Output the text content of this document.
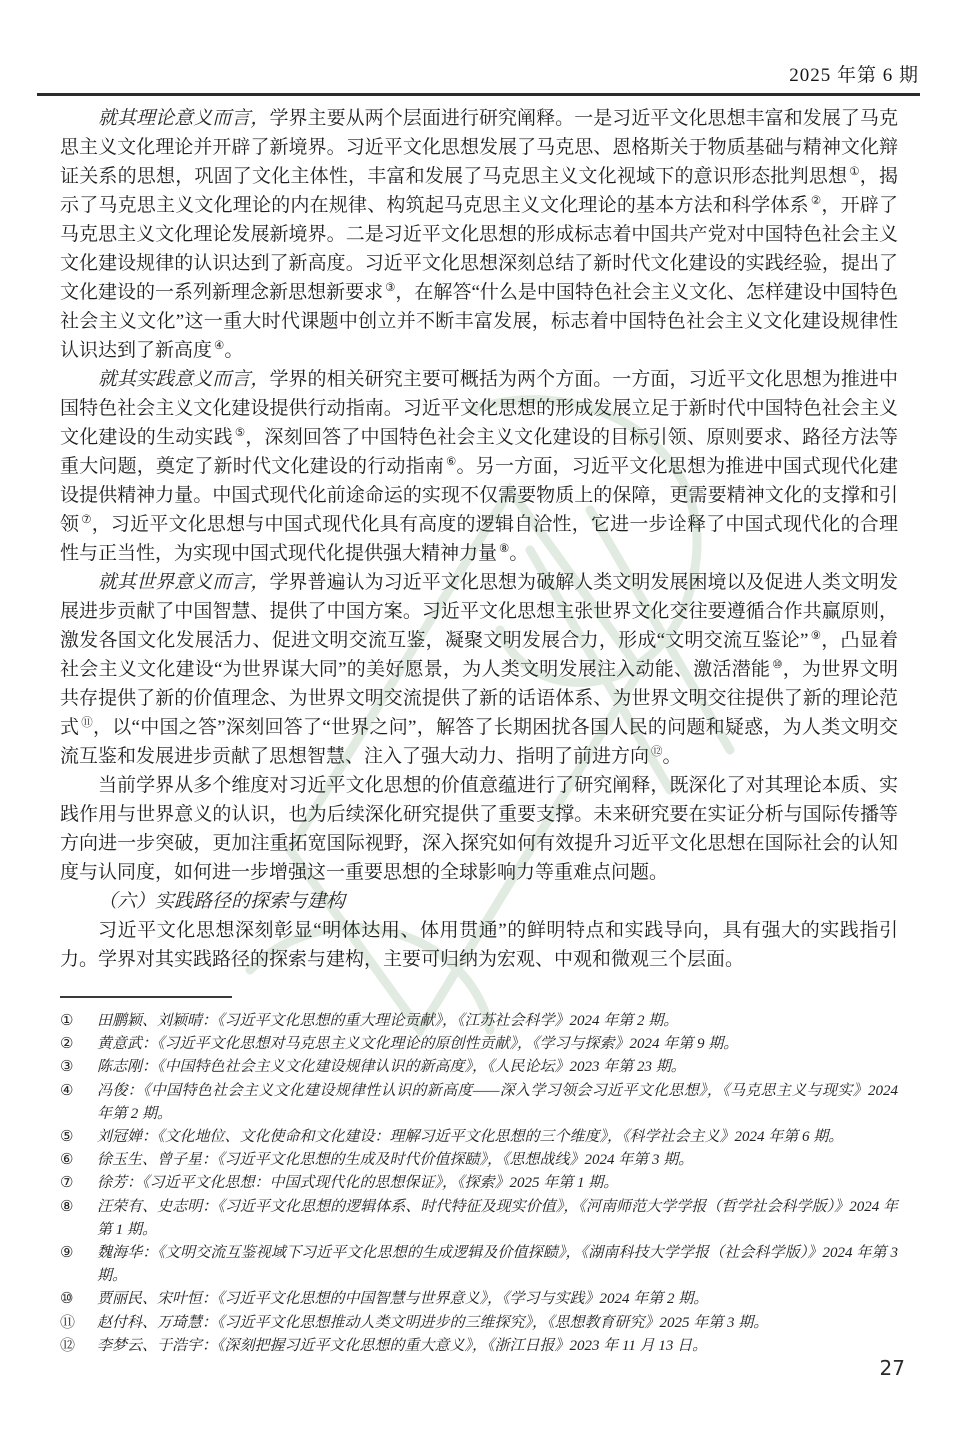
2025 年第 6 期

就其理论意义而言，学界主要从两个层面进行研究阐释。一是习近平文化思想丰富和发展了马克思主义文化理论并开辟了新境界。习近平文化思想发展了马克思、恩格斯关于物质基础与精神文化辩证关系的思想，巩固了文化主体性，丰富和发展了马克思主义文化视域下的意识形态批判思想 ①，揭示了马克思主义文化理论的内在规律、构筑起马克思主义文化理论的基本方法和科学体系 ②，开辟了马克思主义文化理论发展新境界。二是习近平文化思想的形成标志着中国共产党对中国特色社会主义文化建设规律的认识达到了新高度。习近平文化思想深刻总结了新时代文化建设的实践经验，提出了文化建设的一系列新理念新思想新要求 ③，在解答“什么是中国特色社会主义文化、怎样建设中国特色社会主义文化”这一重大时代课题中创立并不断丰富发展，标志着中国特色社会主义文化建设规律性认识达到了新高度 ④。

就其实践意义而言，学界的相关研究主要可概括为两个方面。一方面，习近平文化思想为推进中国特色社会主义文化建设提供行动指南。习近平文化思想的形成发展立足于新时代中国特色社会主义文化建设的生动实践 ⑤，深刻回答了中国特色社会主义文化建设的目标引领、原则要求、路径方法等重大问题，奠定了新时代文化建设的行动指南 ⑥。另一方面，习近平文化思想为推进中国式现代化建设提供精神力量。中国式现代化前途命运的实现不仅需要物质上的保障，更需要精神文化的支撑和引领 ⑦，习近平文化思想与中国式现代化具有高度的逻辑自洽性，它进一步诠释了中国式现代化的合理性与正当性，为实现中国式现代化提供强大精神力量 ⑧。

就其世界意义而言，学界普遍认为习近平文化思想为破解人类文明发展困境以及促进人类文明发展进步贡献了中国智慧、提供了中国方案。习近平文化思想主张世界文化交往要遵循合作共赢原则，激发各国文化发展活力、促进文明交流互鉴，凝聚文明发展合力，形成“文明交流互鉴论” ⑨，凸显着社会主义文化建设“为世界谋大同”的美好愿景，为人类文明发展注入动能、激活潜能 ⑩，为世界文明共存提供了新的价值理念、为世界文明交流提供了新的话语体系、为世界文明交往提供了新的理论范式 ⑪，以“中国之答”深刻回答了“世界之问”，解答了长期困扰各国人民的问题和疑惑，为人类文明交流互鉴和发展进步贡献了思想智慧、注入了强大动力、指明了前进方向 ⑫。

当前学界从多个维度对习近平文化思想的价值意蕴进行了研究阐释，既深化了对其理论本质、实践作用与世界意义的认识，也为后续深化研究提供了重要支撑。未来研究要在实证分析与国际传播等方向进一步突破，更加注重拓宽国际视野，深入探究如何有效提升习近平文化思想在国际社会的认知度与认同度，如何进一步增强这一重要思想的全球影响力等重难点问题。

（六）实践路径的探索与建构

习近平文化思想深刻彰显“明体达用、体用贯通”的鲜明特点和实践导向，具有强大的实践指引力。学界对其实践路径的探索与建构，主要可归纳为宏观、中观和微观三个层面。

①	田鹏颖、刘颖晴：《习近平文化思想的重大理论贡献》，《江苏社会科学》2024 年第 2 期。
②	黄意武：《习近平文化思想对马克思主义文化理论的原创性贡献》，《学习与探索》2024 年第 9 期。
③	陈志刚：《中国特色社会主义文化建设规律认识的新高度》，《人民论坛》2023 年第 23 期。
④	冯俊：《中国特色社会主义文化建设规律性认识的新高度——深入学习领会习近平文化思想》，《马克思主义与现实》2024 年第 2 期。
⑤	刘冠婵：《文化地位、文化使命和文化建设：理解习近平文化思想的三个维度》，《科学社会主义》2024 年第 6 期。
⑥	徐玉生、曾子星：《习近平文化思想的生成及时代价值探赜》，《思想战线》2024 年第 3 期。
⑦	徐芳：《习近平文化思想：中国式现代化的思想保证》，《探索》2025 年第 1 期。
⑧	汪荣有、史志明：《习近平文化思想的逻辑体系、时代特征及现实价值》，《河南师范大学学报（哲学社会科学版）》2024 年第 1 期。
⑨	魏海华：《文明交流互鉴视域下习近平文化思想的生成逻辑及价值探赜》，《湖南科技大学学报（社会科学版）》2024 年第 3 期。
⑩	贾丽民、宋叶恒：《习近平文化思想的中国智慧与世界意义》，《学习与实践》2024 年第 2 期。
⑪	赵付科、万琦慧：《习近平文化思想推动人类文明进步的三维探究》，《思想教育研究》2025 年第 3 期。
⑫	李梦云、于浩宇：《深刻把握习近平文化思想的重大意义》，《浙江日报》2023 年 11 月 13 日。
27
